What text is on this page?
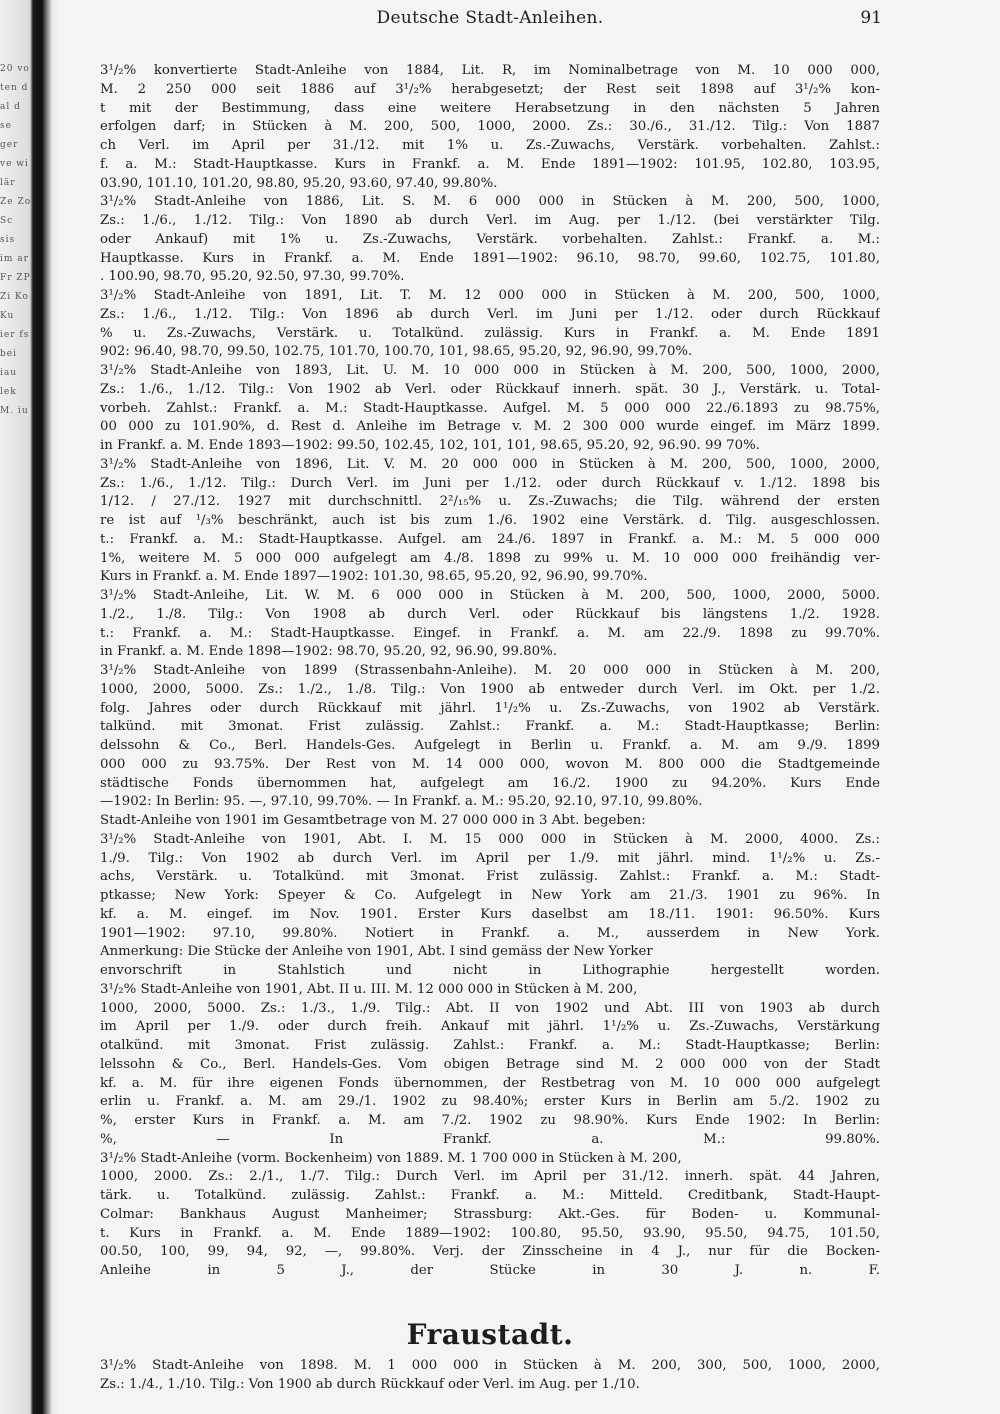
20 vo ten d al d se ger ve wi lär Ze Zo Sc sis im ar Fr ZP Zi Ko Ku ier fs bei iau lek M. iu
Deutsche Stadt-Anleihen.	91
3¹/₂% konvertierte Stadt-Anleihe von 1884, Lit. R, im Nominalbetrage von M. 10 000 000,
M. 2 250 000 seit 1886 auf 3¹/₂% herabgesetzt; der Rest seit 1898 auf 3¹/₂% kon-
t mit der Bestimmung, dass eine weitere Herabsetzung in den nächsten 5 Jahren
erfolgen darf; in Stücken à M. 200, 500, 1000, 2000. Zs.: 30./6., 31./12. Tilg.: Von 1887
ch Verl. im April per 31./12. mit 1% u. Zs.-Zuwachs, Verstärk. vorbehalten. Zahlst.:
f. a. M.: Stadt-Hauptkasse. Kurs in Frankf. a. M. Ende 1891—1902: 101.95, 102.80, 103.95,
03.90, 101.10, 101.20, 98.80, 95.20, 93.60, 97.40, 99.80%.
3¹/₂% Stadt-Anleihe von 1886, Lit. S. M. 6 000 000 in Stücken à M. 200, 500, 1000,
Zs.: 1./6., 1./12. Tilg.: Von 1890 ab durch Verl. im Aug. per 1./12. (bei verstärkter Tilg.
oder Ankauf) mit 1% u. Zs.-Zuwachs, Verstärk. vorbehalten. Zahlst.: Frankf. a. M.:
Hauptkasse. Kurs in Frankf. a. M. Ende 1891—1902: 96.10, 98.70, 99.60, 102.75, 101.80,
. 100.90, 98.70, 95.20, 92.50, 97.30, 99.70%.
3¹/₂% Stadt-Anleihe von 1891, Lit. T. M. 12 000 000 in Stücken à M. 200, 500, 1000,
Zs.: 1./6., 1./12. Tilg.: Von 1896 ab durch Verl. im Juni per 1./12. oder durch Rückkauf
% u. Zs.-Zuwachs, Verstärk. u. Totalkünd. zulässig. Kurs in Frankf. a. M. Ende 1891
902: 96.40, 98.70, 99.50, 102.75, 101.70, 100.70, 101, 98.65, 95.20, 92, 96.90, 99.70%.
3¹/₂% Stadt-Anleihe von 1893, Lit. U. M. 10 000 000 in Stücken à M. 200, 500, 1000, 2000,
Zs.: 1./6., 1./12. Tilg.: Von 1902 ab Verl. oder Rückkauf innerh. spät. 30 J., Verstärk. u. Total-
vorbeh. Zahlst.: Frankf. a. M.: Stadt-Hauptkasse. Aufgel. M. 5 000 000 22./6.1893 zu 98.75%,
00 000 zu 101.90%, d. Rest d. Anleihe im Betrage v. M. 2 300 000 wurde eingef. im März 1899.
in Frankf. a. M. Ende 1893—1902: 99.50, 102.45, 102, 101, 101, 98.65, 95.20, 92, 96.90. 99 70%.
3¹/₂% Stadt-Anleihe von 1896, Lit. V. M. 20 000 000 in Stücken à M. 200, 500, 1000, 2000,
Zs.: 1./6., 1./12. Tilg.: Durch Verl. im Juni per 1./12. oder durch Rückkauf v. 1./12. 1898 bis
1/12. / 27./12. 1927 mit durchschnittl. 2²/₁₅% u. Zs.-Zuwachs; die Tilg. während der ersten
re ist auf ¹/₃% beschränkt, auch ist bis zum 1./6. 1902 eine Verstärk. d. Tilg. ausgeschlossen.
t.: Frankf. a. M.: Stadt-Hauptkasse. Aufgel. am 24./6. 1897 in Frankf. a. M.: M. 5 000 000
1%, weitere M. 5 000 000 aufgelegt am 4./8. 1898 zu 99% u. M. 10 000 000 freihändig ver-
Kurs in Frankf. a. M. Ende 1897—1902: 101.30, 98.65, 95.20, 92, 96.90, 99.70%.
3¹/₂% Stadt-Anleihe, Lit. W. M. 6 000 000 in Stücken à M. 200, 500, 1000, 2000, 5000.
1./2., 1./8. Tilg.: Von 1908 ab durch Verl. oder Rückkauf bis längstens 1./2. 1928.
t.: Frankf. a. M.: Stadt-Hauptkasse. Eingef. in Frankf. a. M. am 22./9. 1898 zu 99.70%.
in Frankf. a. M. Ende 1898—1902: 98.70, 95.20, 92, 96.90, 99.80%.
3¹/₂% Stadt-Anleihe von 1899 (Strassenbahn-Anleihe). M. 20 000 000 in Stücken à M. 200,
1000, 2000, 5000. Zs.: 1./2., 1./8. Tilg.: Von 1900 ab entweder durch Verl. im Okt. per 1./2.
folg. Jahres oder durch Rückkauf mit jährl. 1¹/₂% u. Zs.-Zuwachs, von 1902 ab Verstärk.
talkünd. mit 3monat. Frist zulässig. Zahlst.: Frankf. a. M.: Stadt-Hauptkasse; Berlin:
delssohn & Co., Berl. Handels-Ges. Aufgelegt in Berlin u. Frankf. a. M. am 9./9. 1899
000 000 zu 93.75%. Der Rest von M. 14 000 000, wovon M. 800 000 die Stadtgemeinde
städtische Fonds übernommen hat, aufgelegt am 16./2. 1900 zu 94.20%. Kurs Ende
—1902: In Berlin: 95. —, 97.10, 99.70%. — In Frankf. a. M.: 95.20, 92.10, 97.10, 99.80%.
Stadt-Anleihe von 1901 im Gesamtbetrage von M. 27 000 000 in 3 Abt. begeben:
3¹/₂% Stadt-Anleihe von 1901, Abt. I. M. 15 000 000 in Stücken à M. 2000, 4000. Zs.:
1./9. Tilg.: Von 1902 ab durch Verl. im April per 1./9. mit jährl. mind. 1¹/₂% u. Zs.-
achs, Verstärk. u. Totalkünd. mit 3monat. Frist zulässig. Zahlst.: Frankf. a. M.: Stadt-
ptkasse; New York: Speyer & Co. Aufgelegt in New York am 21./3. 1901 zu 96%. In
kf. a. M. eingef. im Nov. 1901. Erster Kurs daselbst am 18./11. 1901: 96.50%. Kurs
1901—1902: 97.10, 99.80%. Notiert in Frankf. a. M., ausserdem in New York.
Anmerkung: Die Stücke der Anleihe von 1901, Abt. I sind gemäss der New Yorker
envorschrift in Stahlstich und nicht in Lithographie hergestellt worden.
3¹/₂% Stadt-Anleihe von 1901, Abt. II u. III. M. 12 000 000 in Stücken à M. 200,
1000, 2000, 5000. Zs.: 1./3., 1./9. Tilg.: Abt. II von 1902 und Abt. III von 1903 ab durch
im April per 1./9. oder durch freih. Ankauf mit jährl. 1¹/₂% u. Zs.-Zuwachs, Verstärkung
otalkünd. mit 3monat. Frist zulässig. Zahlst.: Frankf. a. M.: Stadt-Hauptkasse; Berlin:
lelssohn & Co., Berl. Handels-Ges. Vom obigen Betrage sind M. 2 000 000 von der Stadt
kf. a. M. für ihre eigenen Fonds übernommen, der Restbetrag von M. 10 000 000 aufgelegt
erlin u. Frankf. a. M. am 29./1. 1902 zu 98.40%; erster Kurs in Berlin am 5./2. 1902 zu
%, erster Kurs in Frankf. a. M. am 7./2. 1902 zu 98.90%. Kurs Ende 1902: In Berlin:
%, — In Frankf. a. M.: 99.80%.
3¹/₂% Stadt-Anleihe (vorm. Bockenheim) von 1889. M. 1 700 000 in Stücken à M. 200,
1000, 2000. Zs.: 2./1., 1./7. Tilg.: Durch Verl. im April per 31./12. innerh. spät. 44 Jahren,
tärk. u. Totalkünd. zulässig. Zahlst.: Frankf. a. M.: Mitteld. Creditbank, Stadt-Haupt-
Colmar: Bankhaus August Manheimer; Strassburg: Akt.-Ges. für Boden- u. Kommunal-
t. Kurs in Frankf. a. M. Ende 1889—1902: 100.80, 95.50, 93.90, 95.50, 94.75, 101.50,
00.50, 100, 99, 94, 92, —, 99.80%. Verj. der Zinsscheine in 4 J., nur für die Bocken-
Anleihe in 5 J., der Stücke in 30 J. n. F.
Fraustadt.
3¹/₂% Stadt-Anleihe von 1898. M. 1 000 000 in Stücken à M. 200, 300, 500, 1000, 2000,
Zs.: 1./4., 1./10. Tilg.: Von 1900 ab durch Rückkauf oder Verl. im Aug. per 1./10.
